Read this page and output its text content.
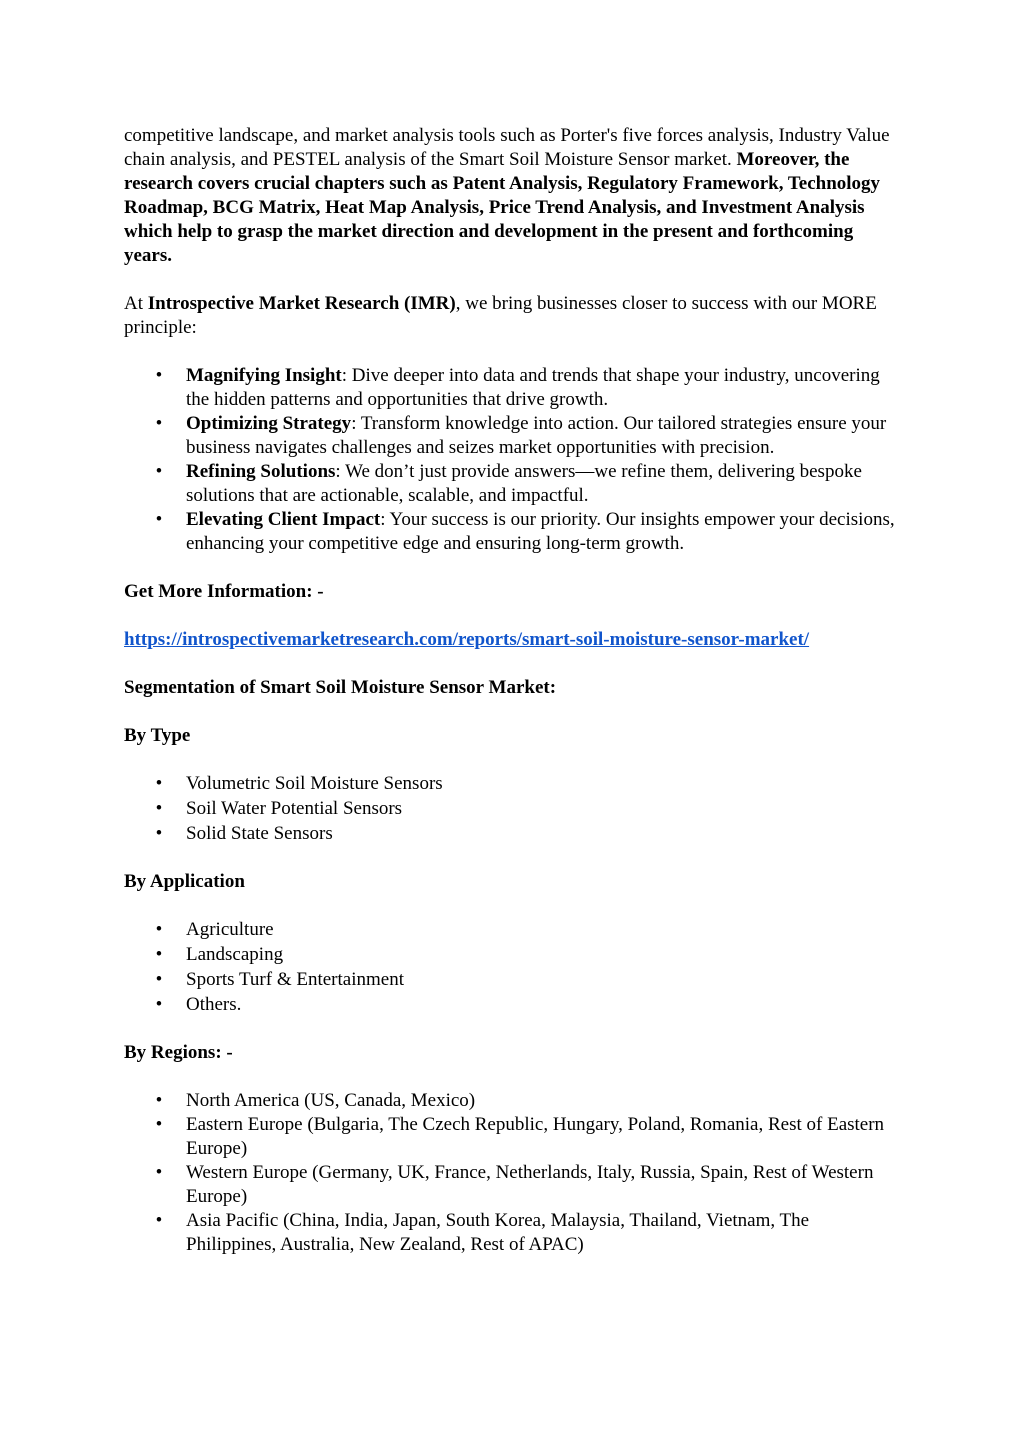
competitive landscape, and market analysis tools such as Porter's five forces analysis, Industry Value chain analysis, and PESTEL analysis of the Smart Soil Moisture Sensor market. Moreover, the research covers crucial chapters such as Patent Analysis, Regulatory Framework, Technology Roadmap, BCG Matrix, Heat Map Analysis, Price Trend Analysis, and Investment Analysis which help to grasp the market direction and development in the present and forthcoming years.

At Introspective Market Research (IMR), we bring businesses closer to success with our MORE principle:

• Magnifying Insight: Dive deeper into data and trends that shape your industry, uncovering the hidden patterns and opportunities that drive growth.
• Optimizing Strategy: Transform knowledge into action. Our tailored strategies ensure your business navigates challenges and seizes market opportunities with precision.
• Refining Solutions: We don’t just provide answers—we refine them, delivering bespoke solutions that are actionable, scalable, and impactful.
• Elevating Client Impact: Your success is our priority. Our insights empower your decisions, enhancing your competitive edge and ensuring long-term growth.

Get More Information: -

https://introspectivemarketresearch.com/reports/smart-soil-moisture-sensor-market/

Segmentation of Smart Soil Moisture Sensor Market:

By Type

• Volumetric Soil Moisture Sensors
• Soil Water Potential Sensors
• Solid State Sensors

By Application

• Agriculture
• Landscaping
• Sports Turf & Entertainment
• Others.

By Regions: -

• North America (US, Canada, Mexico)
• Eastern Europe (Bulgaria, The Czech Republic, Hungary, Poland, Romania, Rest of Eastern Europe)
• Western Europe (Germany, UK, France, Netherlands, Italy, Russia, Spain, Rest of Western Europe)
• Asia Pacific (China, India, Japan, South Korea, Malaysia, Thailand, Vietnam, The Philippines, Australia, New Zealand, Rest of APAC)
